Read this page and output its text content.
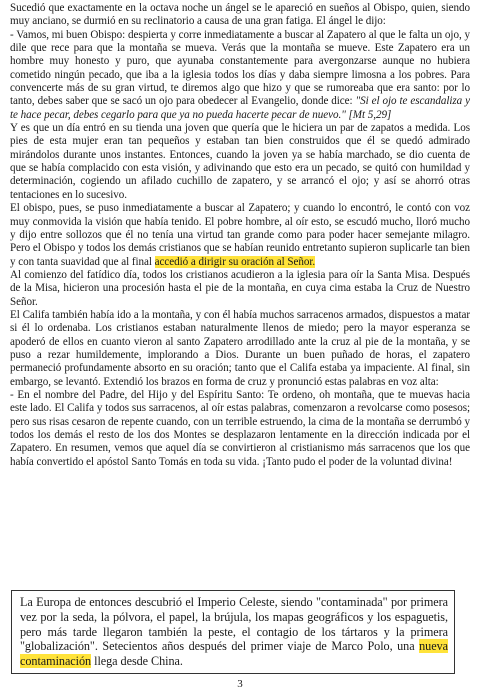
Sucedió que exactamente en la octava noche un ángel se le apareció en sueños al Obispo, quien, siendo muy anciano, se durmió en su reclinatorio a causa de una gran fatiga. El ángel le dijo:

- Vamos, mi buen Obispo: despierta y corre inmediatamente a buscar al Zapatero al que le falta un ojo, y dile que rece para que la montaña se mueva. Verás que la montaña se mueve. Este Zapatero era un hombre muy honesto y puro, que ayunaba constantemente para avergonzarse aunque no hubiera cometido ningún pecado, que iba a la iglesia todos los días y daba siempre limosna a los pobres. Para convencerte más de su gran virtud, te diremos algo que hizo y que se rumoreaba que era santo: por lo tanto, debes saber que se sacó un ojo para obedecer al Evangelio, donde dice: "Si el ojo te escandaliza y te hace pecar, debes cegarlo para que ya no pueda hacerte pecar de nuevo." [Mt 5,29]

Y es que un día entró en su tienda una joven que quería que le hiciera un par de zapatos a medida. Los pies de esta mujer eran tan pequeños y estaban tan bien construidos que él se quedó admirado mirándolos durante unos instantes. Entonces, cuando la joven ya se había marchado, se dio cuenta de que se había complacido con esta visión, y adivinando que esto era un pecado, se quitó con humildad y determinación, cogiendo un afilado cuchillo de zapatero, y se arrancó el ojo; y así se ahorró otras tentaciones en lo sucesivo.

El obispo, pues, se puso inmediatamente a buscar al Zapatero; y cuando lo encontró, le contó con voz muy conmovida la visión que había tenido. El pobre hombre, al oír esto, se escudó mucho, lloró mucho y dijo entre sollozos que él no tenía una virtud tan grande como para poder hacer semejante milagro. Pero el Obispo y todos los demás cristianos que se habían reunido entretanto supieron suplicarle tan bien y con tanta suavidad que al final accedió a dirigir su oración al Señor.

Al comienzo del fatídico día, todos los cristianos acudieron a la iglesia para oír la Santa Misa. Después de la Misa, hicieron una procesión hasta el pie de la montaña, en cuya cima estaba la Cruz de Nuestro Señor.

El Califa también había ido a la montaña, y con él había muchos sarracenos armados, dispuestos a matar si él lo ordenaba. Los cristianos estaban naturalmente llenos de miedo; pero la mayor esperanza se apoderó de ellos en cuanto vieron al santo Zapatero arrodillado ante la cruz al pie de la montaña, y se puso a rezar humildemente, implorando a Dios. Durante un buen puñado de horas, el zapatero permaneció profundamente absorto en su oración; tanto que el Califa estaba ya impaciente. Al final, sin embargo, se levantó. Extendió los brazos en forma de cruz y pronunció estas palabras en voz alta:

- En el nombre del Padre, del Hijo y del Espíritu Santo: Te ordeno, oh montaña, que te muevas hacia este lado. El Califa y todos sus sarracenos, al oír estas palabras, comenzaron a revolcarse como posesos; pero sus risas cesaron de repente cuando, con un terrible estruendo, la cima de la montaña se derrumbó y todos los demás el resto de los dos Montes se desplazaron lentamente en la dirección indicada por el Zapatero. En resumen, vemos que aquel día se convirtieron al cristianismo más sarracenos que los que había convertido el apóstol Santo Tomás en toda su vida. ¡Tanto pudo el poder de la voluntad divina!

La Europa de entonces descubrió el Imperio Celeste, siendo "contaminada" por primera vez por la seda, la pólvora, el papel, la brújula, los mapas geográficos y los espaguetis, pero más tarde llegaron también la peste, el contagio de los tártaros y la primera "globalización". Setecientos años después del primer viaje de Marco Polo, una nueva contaminación llega desde China.
3
